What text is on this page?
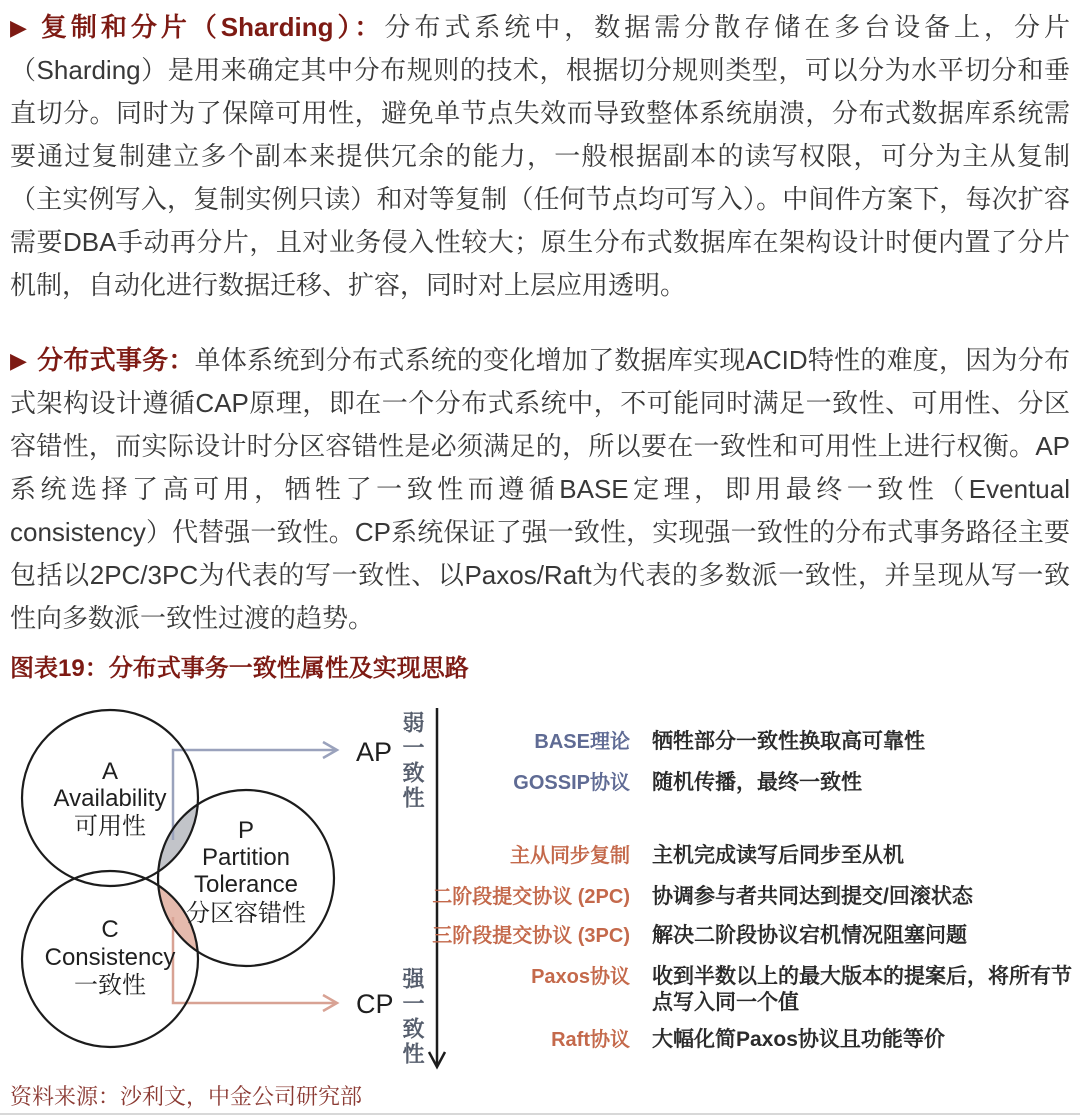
▶ 复制和分片（Sharding）：分布式系统中，数据需分散存储在多台设备上，分片（Sharding）是用来确定其中分布规则的技术，根据切分规则类型，可以分为水平切分和垂直切分。同时为了保障可用性，避免单节点失效而导致整体系统崩溃，分布式数据库系统需要通过复制建立多个副本来提供冗余的能力，一般根据副本的读写权限，可分为主从复制（主实例写入，复制实例只读）和对等复制（任何节点均可写入）。中间件方案下，每次扩容需要DBA手动再分片，且对业务侵入性较大；原生分布式数据库在架构设计时便内置了分片机制，自动化进行数据迁移、扩容，同时对上层应用透明。

▶ 分布式事务：单体系统到分布式系统的变化增加了数据库实现ACID特性的难度，因为分布式架构设计遵循CAP原理，即在一个分布式系统中，不可能同时满足一致性、可用性、分区容错性，而实际设计时分区容错性是必须满足的，所以要在一致性和可用性上进行权衡。AP系统选择了高可用，牺牲了一致性而遵循BASE定理，即用最终一致性（Eventual consistency）代替强一致性。CP系统保证了强一致性，实现强一致性的分布式事务路径主要包括以2PC/3PC为代表的写一致性、以Paxos/Raft为代表的多数派一致性，并呈现从写一致性向多数派一致性过渡的趋势。

图表19：分布式事务一致性属性及实现思路
A
Availability
可用性	P
Partition
Tolerance
分区容错性
C
Consistency
一致性
AP
CP
弱一致性
强一致性
BASE理论 牺牲部分一致性换取高可靠性
GOSSIP协议 随机传播，最终一致性
主从同步复制 主机完成读写后同步至从机
二阶段提交协议 (2PC) 协调参与者共同达到提交/回滚状态
三阶段提交协议 (3PC) 解决二阶段协议宕机情况阻塞问题
Paxos协议 收到半数以上的最大版本的提案后，将所有节点写入同一个值
Raft协议 大幅化简Paxos协议且功能等价
资料来源：沙利文，中金公司研究部
